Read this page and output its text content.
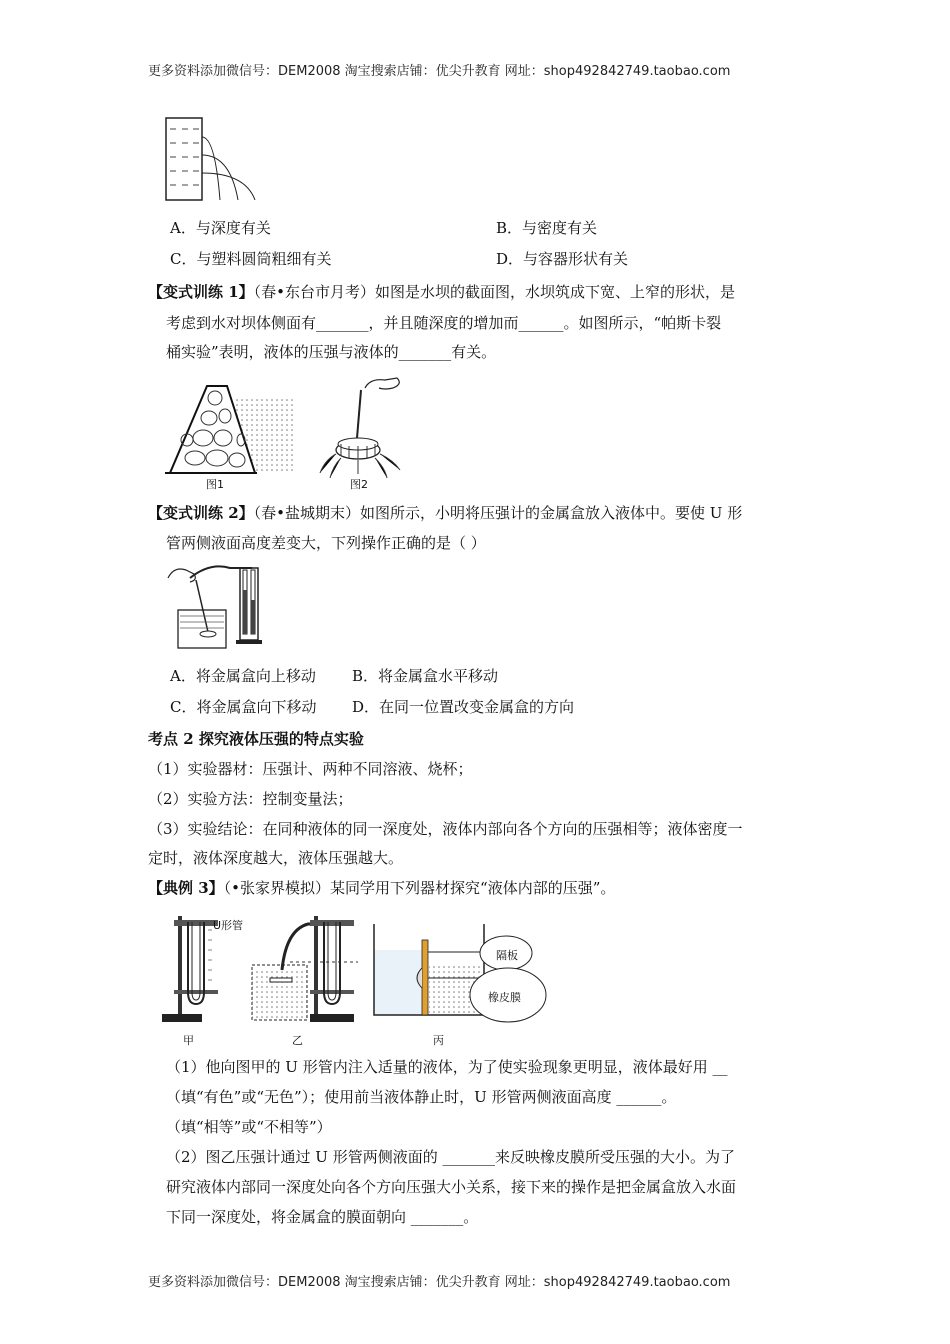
更多资料添加微信号：DEM2008 淘宝搜索店铺：优尖升教育 网址：shop492842749.taobao.com
A．与深度有关	B．与密度有关
C．与塑料圆筒粗细有关	D．与容器形状有关
【变式训练 1】（春•东台市月考）如图是水坝的截面图，水坝筑成下宽、上窄的形状，是
考虑到水对坝体侧面有_______，并且随深度的增加而______。如图所示，“帕斯卡裂
桶实验”表明，液体的压强与液体的_______有关。
图1	图2
【变式训练 2】（春•盐城期末）如图所示，小明将压强计的金属盒放入液体中。要使 U 形
管两侧液面高度差变大，下列操作正确的是（ ）
A．将金属盒向上移动 B．将金属盒水平移动
C．将金属盒向下移动 D．在同一位置改变金属盒的方向
考点 2 探究液体压强的特点实验
（1）实验器材：压强计、两种不同溶液、烧杯；
（2）实验方法：控制变量法；
（3）实验结论：在同种液体的同一深度处，液体内部向各个方向的压强相等；液体密度一
定时，液体深度越大，液体压强越大。
【典例 3】（•张家界模拟）某同学用下列器材探究“液体内部的压强”。
U形管
隔板
橡皮膜
甲	乙	丙
（1）他向图甲的 U 形管内注入适量的液体，为了使实验现象更明显，液体最好用 __
（填“有色”或“无色”）；使用前当液体静止时，U 形管两侧液面高度 ______。
（填“相等”或“不相等”）
（2）图乙压强计通过 U 形管两侧液面的 _______来反映橡皮膜所受压强的大小。为了
研究液体内部同一深度处向各个方向压强大小关系，接下来的操作是把金属盒放入水面
下同一深度处，将金属盒的膜面朝向 _______。
更多资料添加微信号：DEM2008 淘宝搜索店铺：优尖升教育 网址：shop492842749.taobao.com
